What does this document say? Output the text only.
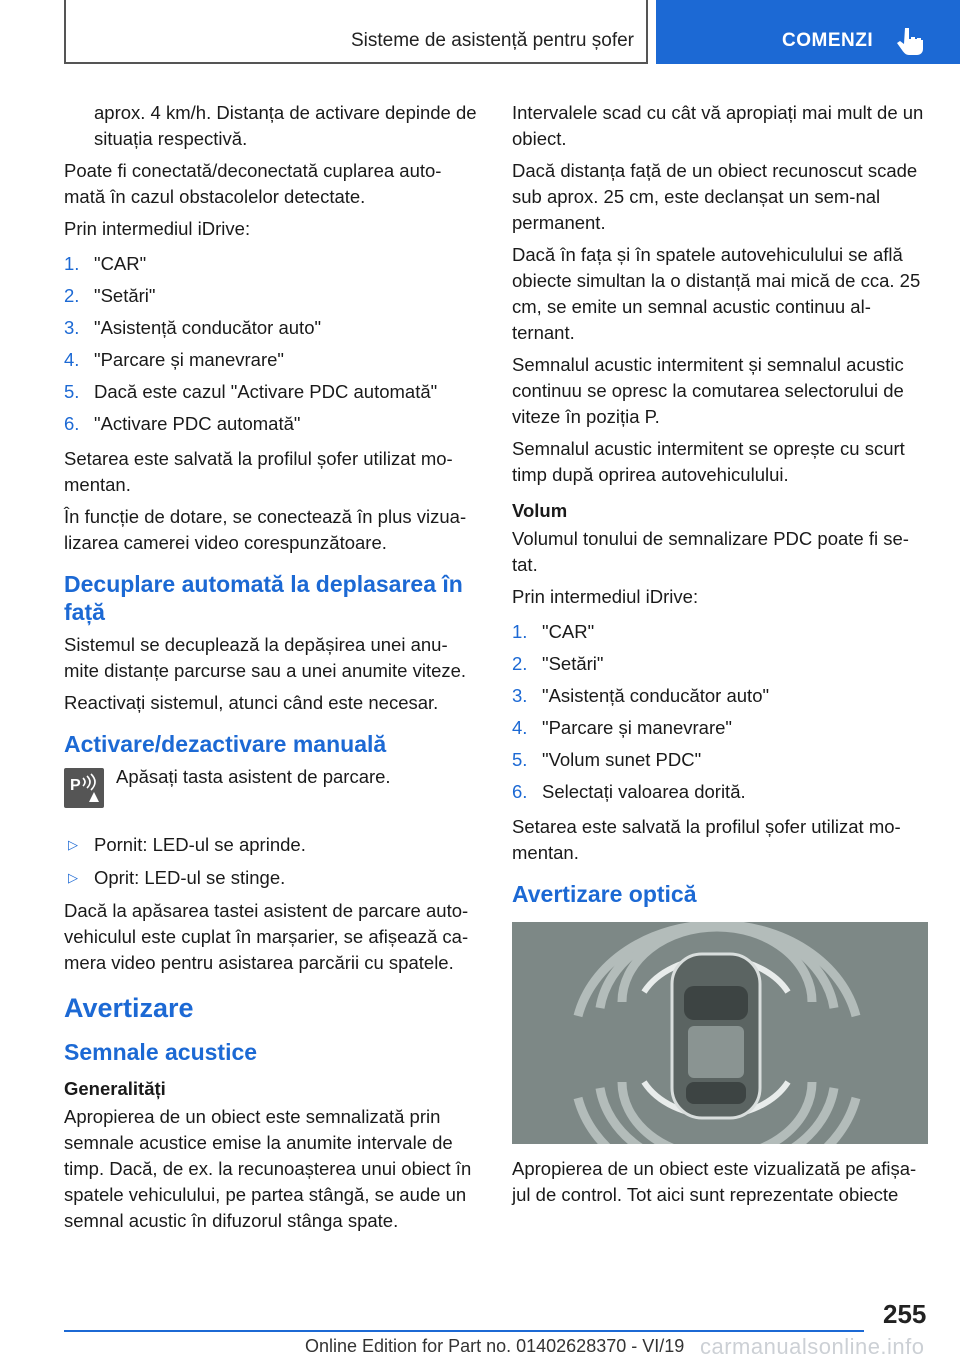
Sisteme de asistență pentru șofer	COMENZI

aprox. 4 km/h. Distanța de activare depinde de situația respectivă.

Poate fi conectată/deconectată cuplarea auto‐mată în cazul obstacolelor detectate.

Prin intermediul iDrive:

1. "CAR"
2. "Setări"
3. "Asistență conducător auto"
4. "Parcare și manevrare"
5. Dacă este cazul "Activare PDC automată"
6. "Activare PDC automată"

Setarea este salvată la profilul șofer utilizat mo‐mentan.

În funcție de dotare, se conectează în plus vizua‐lizarea camerei video corespunzătoare.

Decuplare automată la deplasarea în față

Sistemul se decuplează la depășirea unei anu‐mite distanțe parcurse sau a unei anumite viteze.

Reactivați sistemul, atunci când este necesar.

Activare/dezactivare manuală
P Apăsați tasta asistent de parcare.
▷ Pornit: LED-ul se aprinde.
▷ Oprit: LED-ul se stinge.

Dacă la apăsarea tastei asistent de parcare auto‐vehiculul este cuplat în marșarier, se afișează ca‐mera video pentru asistarea parcării cu spatele.

Avertizare
Semnale acustice
Generalități

Apropierea de un obiect este semnalizată prin semnale acustice emise la anumite intervale de timp. Dacă, de ex. la recunoașterea unui obiect în spatele vehiculului, pe partea stângă, se aude un semnal acustic în difuzorul stânga spate.

Intervalele scad cu cât vă apropiați mai mult de un obiect.

Dacă distanța față de un obiect recunoscut scade sub aprox. 25 cm, este declanșat un sem‐nal permanent.

Dacă în fața și în spatele autovehiculului se află obiecte simultan la o distanță mai mică de cca. 25 cm, se emite un semnal acustic continuu al‐ternant.

Semnalul acustic intermitent și semnalul acustic continuu se opresc la comutarea selectorului de viteze în poziția P.

Semnalul acustic intermitent se oprește cu scurt timp după oprirea autovehiculului.

Volum

Volumul tonului de semnalizare PDC poate fi se‐tat.

Prin intermediul iDrive:

1. "CAR"
2. "Setări"
3. "Asistență conducător auto"
4. "Parcare și manevrare"
5. "Volum sunet PDC"
6. Selectați valoarea dorită.

Setarea este salvată la profilul șofer utilizat mo‐mentan.

Avertizare optică

Apropierea de un obiect este vizualizată pe afișa‐jul de control. Tot aici sunt reprezentate obiecte

255
Online Edition for Part no. 01402628370 - VI/19 carmanualsonline.info
